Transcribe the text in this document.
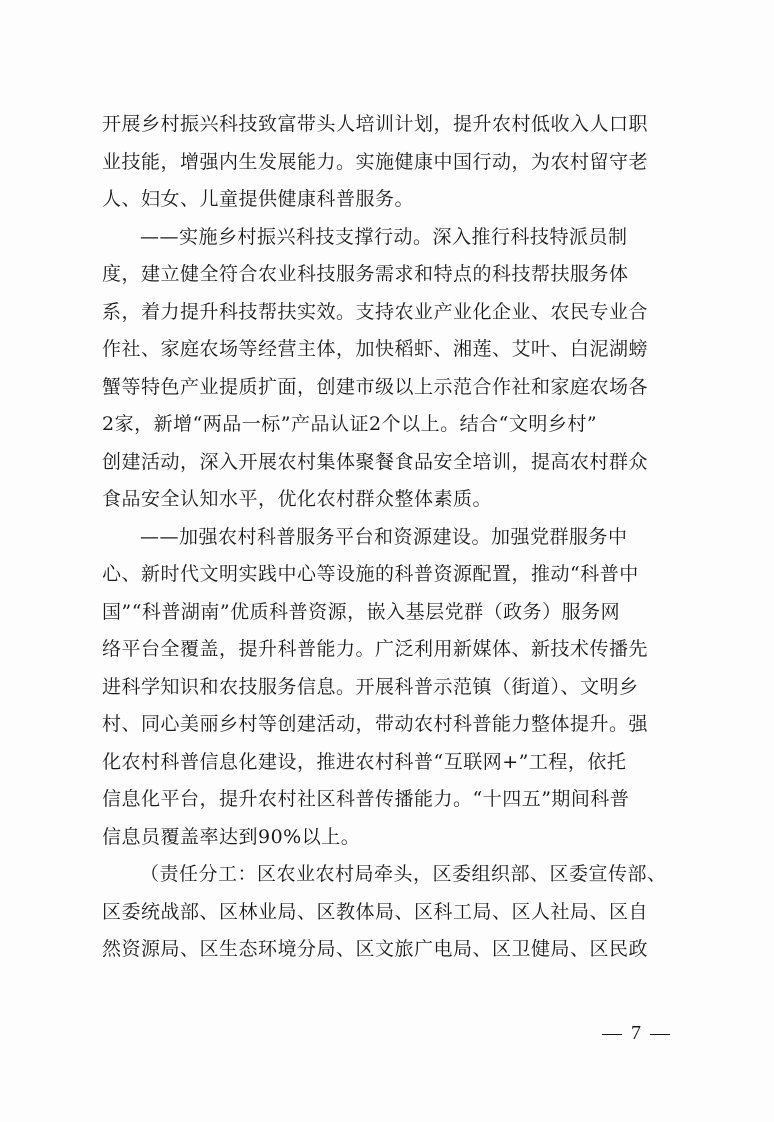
开展乡村振兴科技致富带头人培训计划，提升农村低收入人口职
业技能，增强内生发展能力。实施健康中国行动，为农村留守老
人、妇女、儿童提供健康科普服务。

——实施乡村振兴科技支撑行动。深入推行科技特派员制
度，建立健全符合农业科技服务需求和特点的科技帮扶服务体
系，着力提升科技帮扶实效。支持农业产业化企业、农民专业合
作社、家庭农场等经营主体，加快稻虾、湘莲、艾叶、白泥湖螃
蟹等特色产业提质扩面，创建市级以上示范合作社和家庭农场各
2家，新增“两品一标”产品认证2个以上。结合“文明乡村”
创建活动，深入开展农村集体聚餐食品安全培训，提高农村群众
食品安全认知水平，优化农村群众整体素质。

——加强农村科普服务平台和资源建设。加强党群服务中
心、新时代文明实践中心等设施的科普资源配置，推动“科普中
国”“科普湖南”优质科普资源，嵌入基层党群（政务）服务网
络平台全覆盖，提升科普能力。广泛利用新媒体、新技术传播先
进科学知识和农技服务信息。开展科普示范镇（街道）、文明乡
村、同心美丽乡村等创建活动，带动农村科普能力整体提升。强
化农村科普信息化建设，推进农村科普“互联网+”工程，依托
信息化平台，提升农村社区科普传播能力。“十四五”期间科普
信息员覆盖率达到90%以上。

（责任分工：区农业农村局牵头，区委组织部、区委宣传部、
区委统战部、区林业局、区教体局、区科工局、区人社局、区自
然资源局、区生态环境分局、区文旅广电局、区卫健局、区民政

— 7 —
